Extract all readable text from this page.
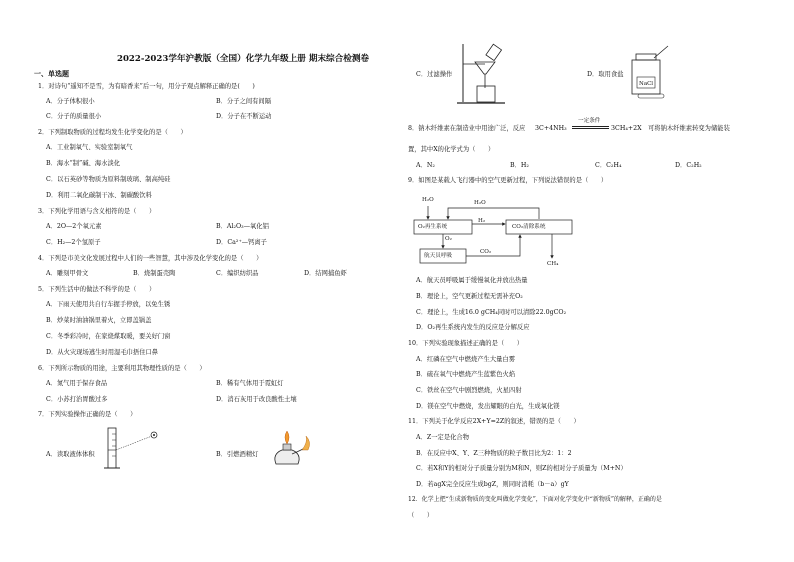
2022-2023学年沪教版（全国）化学九年级上册 期末综合检测卷
一、单选题
1．对诗句“遥知不是雪，为有暗香来”后一句，用分子观点解释正确的是(　　)
A．分子体积很小	B．分子之间有间隔
C．分子的质量很小	D．分子在不断运动
2．下列制取物质的过程均发生化学变化的是（　　）
A．工业制氧气、实验室制氧气
B．海水“制”碱、海水淡化
C．以石英砂等物质为原料制玻璃、制高纯硅
D．利用二氧化碳制干冰、制碳酸饮料
3．下列化学用语与含义相符的是（　　）
A．2O—2个氧元素	B．Al₂O₃—氧化铝
C．H₂—2个氢原子	D．Ca²⁺—钙离子
4．下列是市美文化发展过程中人们的一些智慧，其中涉及化学变化的是（　　）
A．雕刻甲骨文	B．烧制蛋壳陶	C．编织纺织品	D．结网捕鱼虾
5．下列生活中的做法不科学的是（　　）
A．下雨天使用共自行车握手停放，以免生锈
B．炒菜时油油锅里着火，立即盖锅盖
C．冬季彩冷时，在家烧煤取暖，要关好门窗
D．从火灾现场逃生时用湿毛巾捂住口鼻
6．下列所示物质的用途，主要利用其物理性质的是（　　）
A．氮气用于保存食品	B．稀有气体用于霓虹灯
C．小苏打治胃酸过多	D．消石灰用于改良酸性土壤
7．下列实验操作正确的是（　　）
A．读取液体体积	B．引燃酒精灯
C．过滤操作
NaCl
D．取用食盐
8．钠木纤维素在制造业中用途广泛，反应 3C+4NH₃
一定条件
3CH₄+2X 可将钠木纤维素转变为储能装
置，其中X的化学式为（　　）
A．N₂	B．H₂	C．C₂H₄	D．C₂H₂
9．如图是某载人飞行器中的空气更新过程，下列说法错误的是（　　）
H₂O	H₂O
H₂
O₂
CO₂
CH₄
O₂再生系统	CO₂清除系统
航天员呼吸
A．航天员呼吸属于缓慢氧化并放出热量
B．理论上，空气更新过程无需补充O₂
C．理论上，生成16.0 gCH₄同时可以清除22.0gCO₂
D．O₂再生系统内发生的反应是分解反应
10．下列实验现象描述正确的是（　　）
A．红磷在空气中燃烧产生大量白雾
B．硫在氧气中燃烧产生蓝紫色火焰
C．铁丝在空气中剧烈燃烧，火星四射
D．镁在空气中燃烧，发出耀眼的白光，生成氧化镁
11．下列关于化学反应2X+Y=2Z的叙述，错误的是（　　）
A．Z一定是化合物
B．在反应中X、Y、Z三种物质的粒子数目比为2：1：2
C．若X和Y的相对分子质量分别为M和N，则Z的相对分子质量为（M+N）
D．若agX完全反应生成bgZ，则同时消耗（b－a）gY
12．化学上把“生成新物质的变化叫做化学变化”，下面对化学变化中“新物质”的解释，正确的是
（　　）
